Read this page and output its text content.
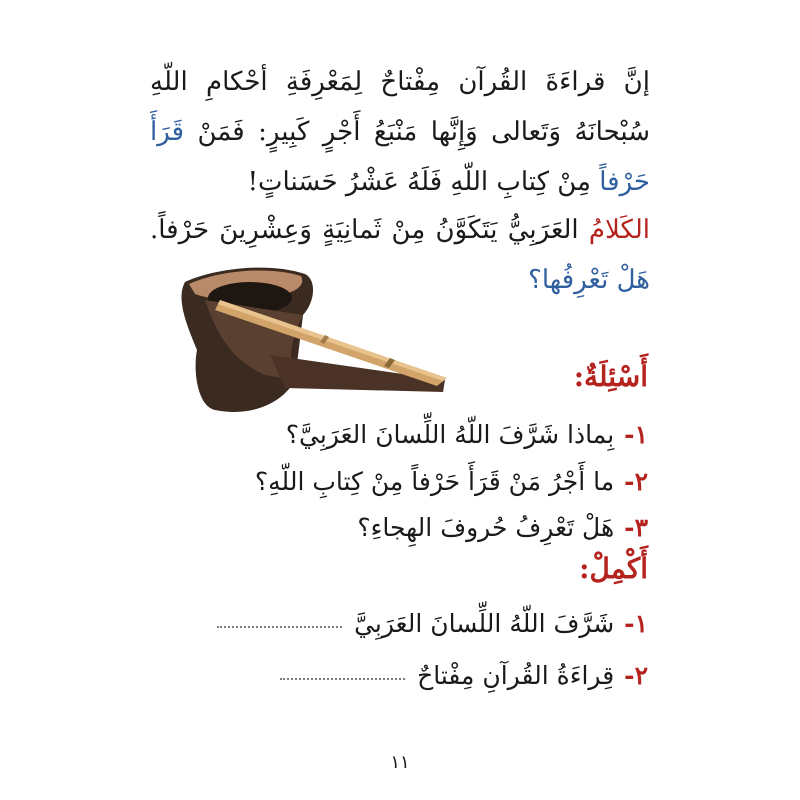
إنَّ قراءَةَ القُرآن مِفْتاحٌ لِمَعْرِفَةِ أحْكامِ اللّهِ سُبْحانَهُ وَتَعالى وَإِنَّها مَنْبَعُ أَجْرٍ كَبِيرٍ: فَمَنْ قَرَأَ حَرْفاً مِنْ كِتابِ اللّهِ فَلَهُ عَشْرُ حَسَناتٍ!
الكَلامُ العَرَبِيُّ يَتَكَوَّنُ مِنْ ثَمانِيَةٍ وَعِشْرِينَ حَرْفاً. هَلْ تَعْرِفُها؟
أَسْئِلَةٌ:
١-بِماذا شَرَّفَ اللّهُ اللِّسانَ العَرَبِيَّ؟
٢-ما أَجْرُ مَنْ قَرَأَ حَرْفاً مِنْ كِتابِ اللّهِ؟
٣-هَلْ تَعْرِفُ حُروفَ الهِجاءِ؟
أَكْمِلْ:
١-شَرَّفَ اللّهُ اللِّسانَ العَرَبِيَّ
٢-قِراءَةُ القُرآنِ مِفْتاحٌ
١١
